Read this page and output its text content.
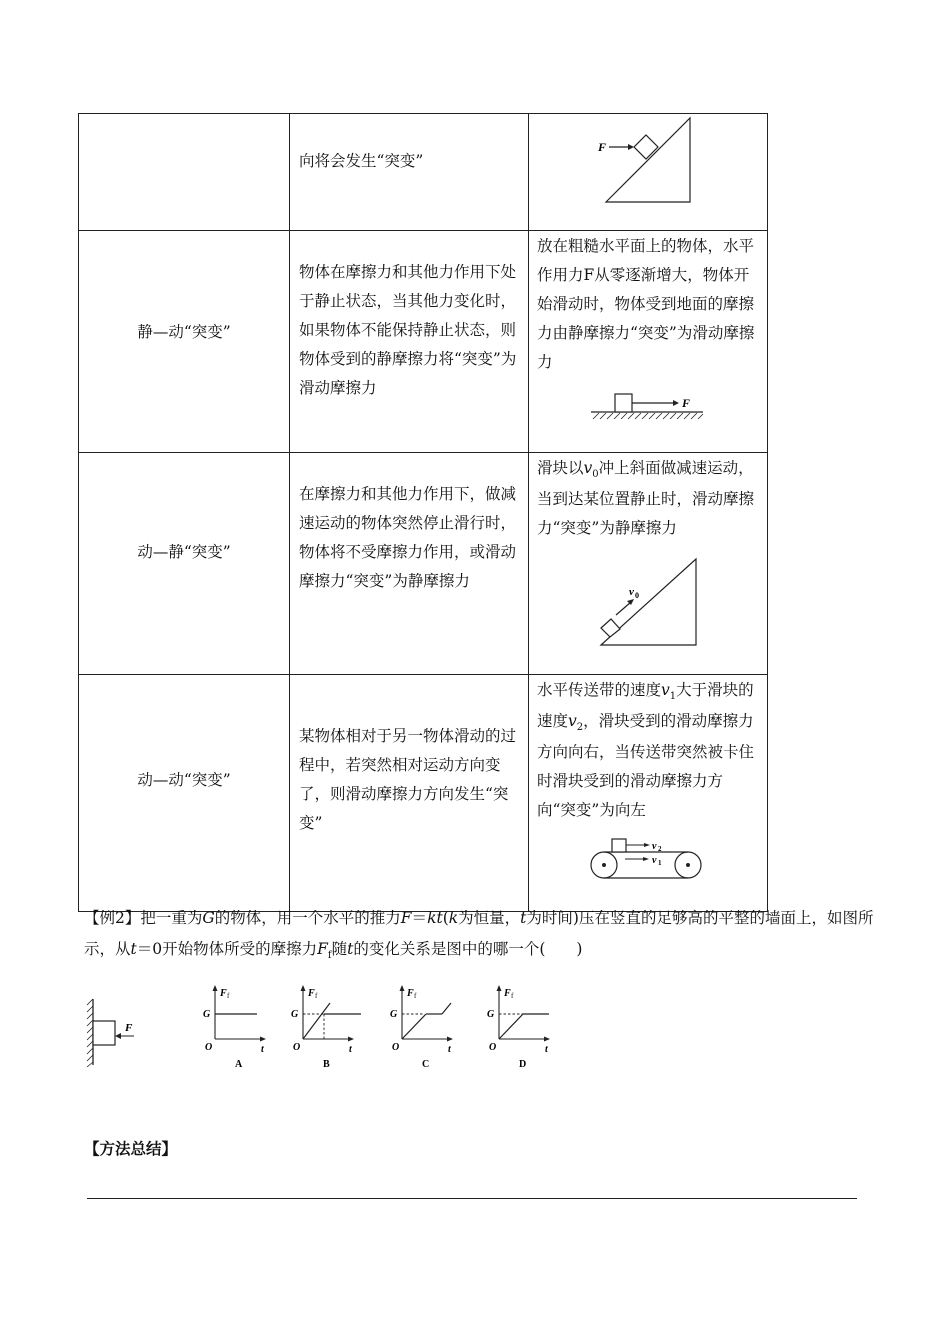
	向将会发生“突变”	F

静—动“突变”	物体在摩擦力和其他力作用下处于静止状态，当其他力变化时，如果物体不能保持静止状态，则物体受到的静摩擦力将“突变”为滑动摩擦力	放在粗糙水平面上的物体，水平作用力F从零逐渐增大，物体开始滑动时，物体受到地面的摩擦力由静摩擦力“突变”为滑动摩擦力
F

动—静“突变”	在摩擦力和其他力作用下，做减速运动的物体突然停止滑行时，物体将不受摩擦力作用，或滑动摩擦力“突变”为静摩擦力	滑块以$v_0$冲上斜面做减速运动，当到达某位置静止时，滑动摩擦力“突变”为静摩擦力
v 0

动—动“突变”	某物体相对于另一物体滑动的过程中，若突然相对运动方向变了，则滑动摩擦力方向发生“突变”	水平传送带的速度$v_1$大于滑块的速度$v_2$，滑块受到的滑动摩擦力方向向右，当传送带突然被卡住时滑块受到的滑动摩擦力方向“突变”为向左
v 2
v 1
【例2】把一重为G的物体，用一个水平的推力F＝kt(k为恒量，t为时间)压在竖直的足够高的平整的墙面上，如图所示，从t＝0开始物体所受的摩擦力$F_f$随t的变化关系是图中的哪一个(　　)
F
F f
G
O	t
A
F f
G
O	t
B
F f
G
O	t
C
F f
G
O	t
D
【方法总结】
